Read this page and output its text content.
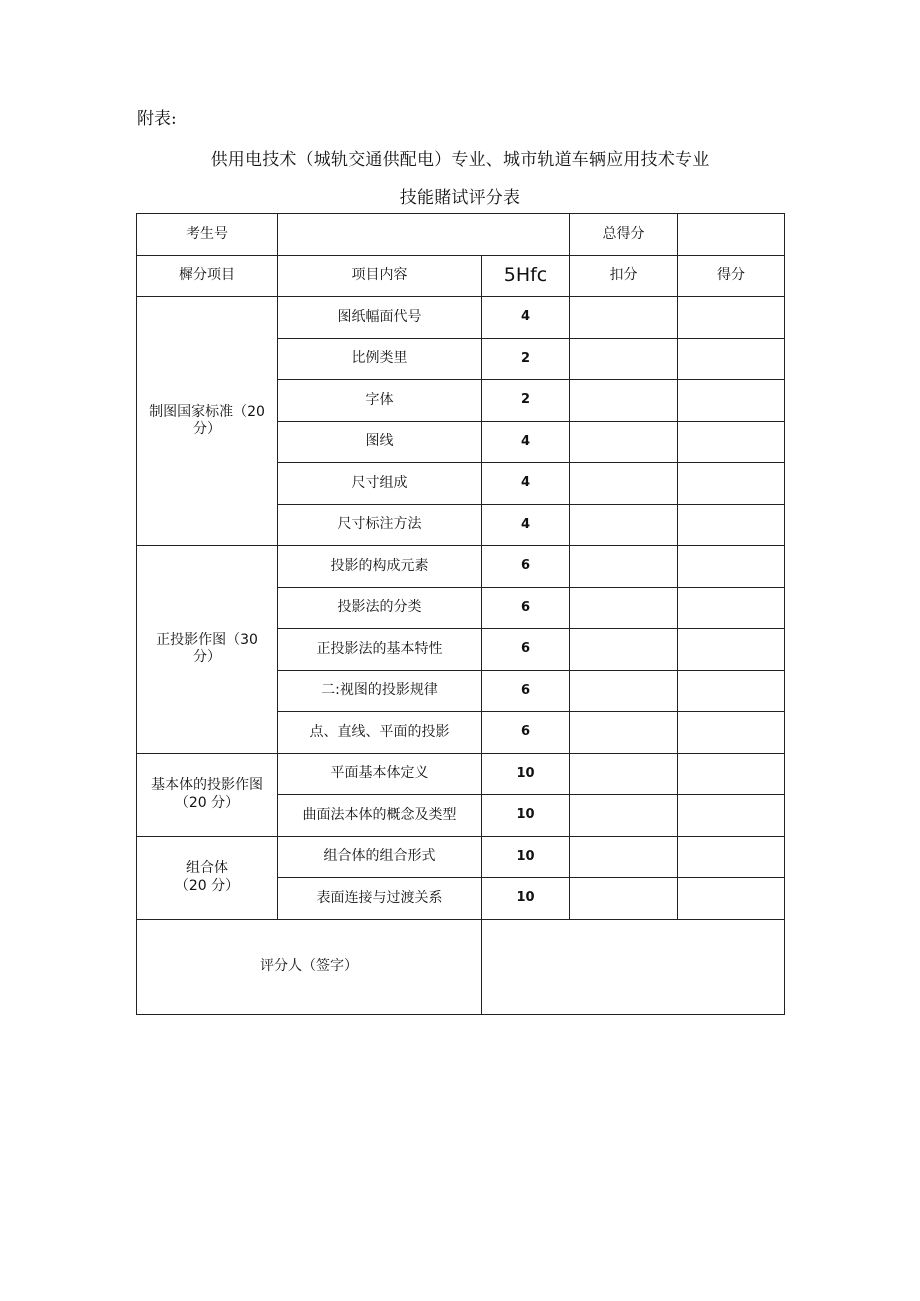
附表:
供用电技术（城轨交通供配电）专业、城市轨道车辆应用技术专业
技能賭试评分表
考生号			总得分	
樨分项目	项目内容	5Hfc	扣分	得分

制图国家标准（20
分）	图纸幅面代号	4		
	比例类里	2		
	字体	2		
	图线	4		
	尺寸组成	4		
	尺寸标注方法	4		

正投影作图（30
分）	投影的构成元素	6		
	投影法的分类	6		
	正投影法的基本特性	6		
	二:视图的投影规律	6		
	点、直线、平面的投影	6		

基本体的投影作图
（20 分）	平面基本体定义	10		
	曲面法本体的概念及类型	10		

组合体
（20 分）	组合体的组合形式	10		
	表面连接与过渡关系	10		
评分人（签字）				
